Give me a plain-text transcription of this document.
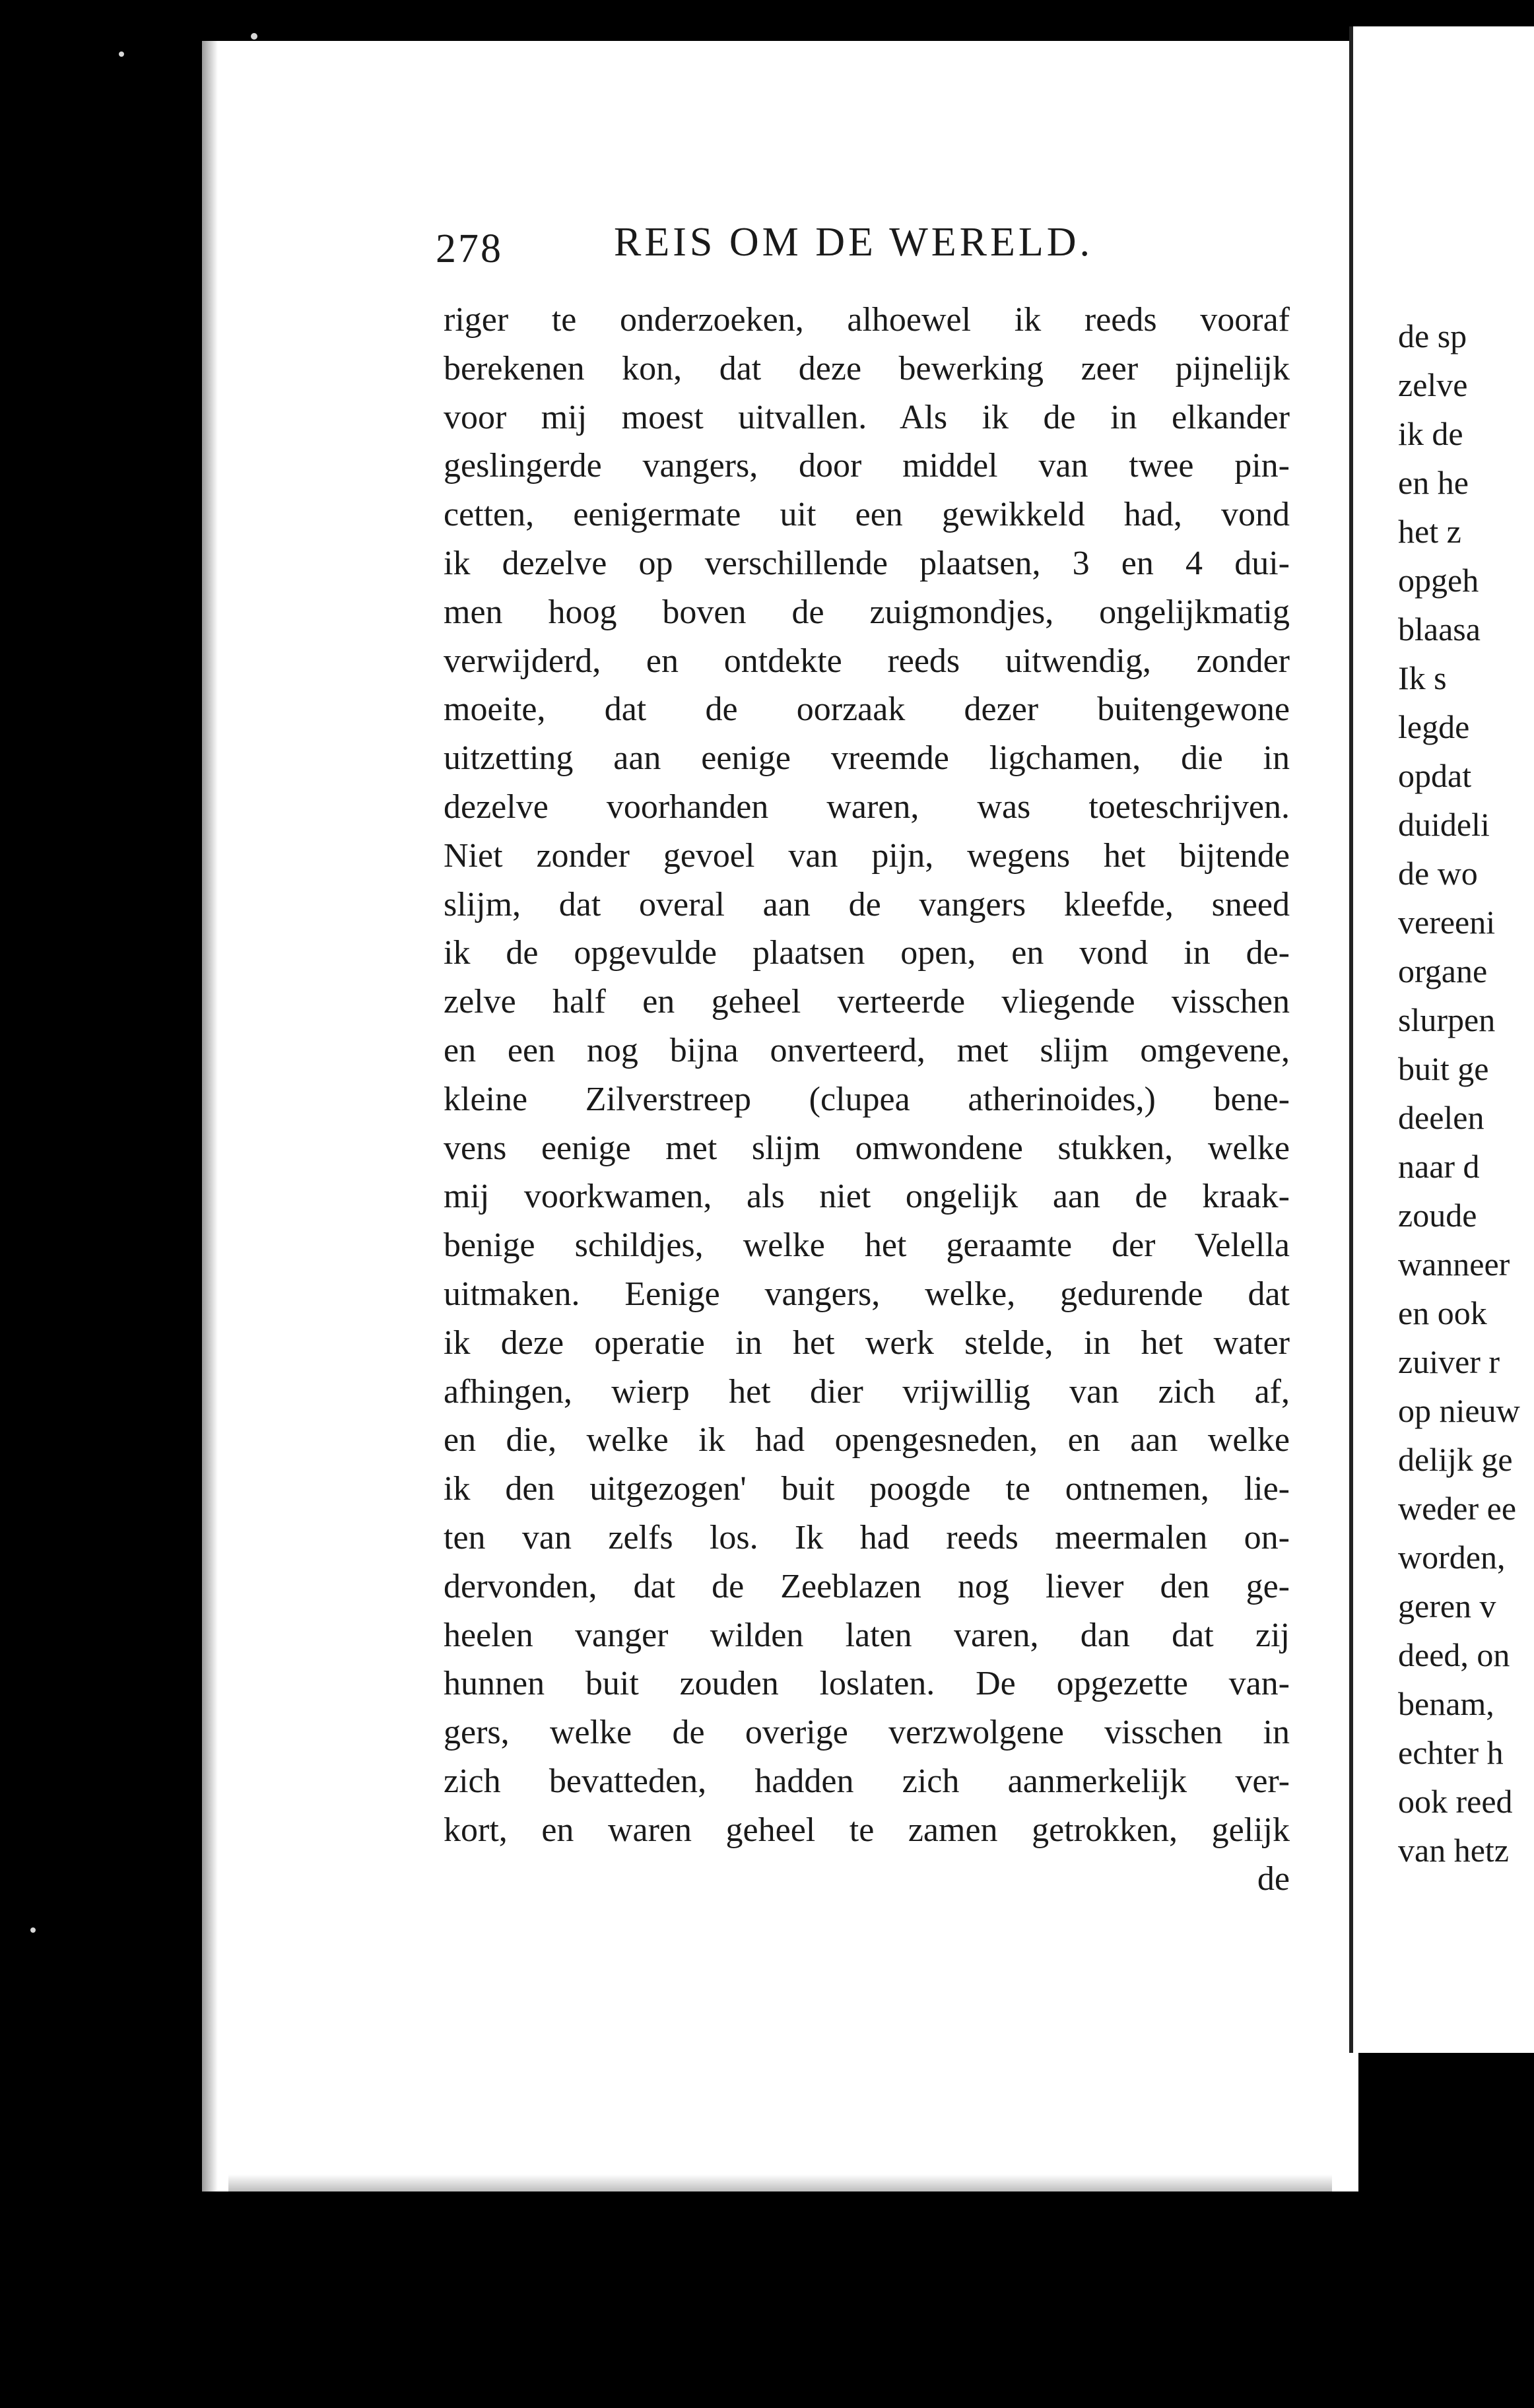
278	REIS OM DE WERELD.
riger te onderzoeken, alhoewel ik reeds vooraf
berekenen kon, dat deze bewerking zeer pijnelijk
voor mij moest uitvallen. Als ik de in elkander
geslingerde vangers, door middel van twee pin-
cetten, eenigermate uit een gewikkeld had, vond
ik dezelve op verschillende plaatsen, 3 en 4 dui-
men hoog boven de zuigmondjes, ongelijkmatig
verwijderd, en ontdekte reeds uitwendig, zonder
moeite, dat de oorzaak dezer buitengewone
uitzetting aan eenige vreemde ligchamen, die in
dezelve voorhanden waren, was toeteschrijven.
Niet zonder gevoel van pijn, wegens het bijtende
slijm, dat overal aan de vangers kleefde, sneed
ik de opgevulde plaatsen open, en vond in de-
zelve half en geheel verteerde vliegende visschen
en een nog bijna onverteerd, met slijm omgevene,
kleine Zilverstreep (clupea atherinoides,) bene-
vens eenige met slijm omwondene stukken, welke
mij voorkwamen, als niet ongelijk aan de kraak-
benige schildjes, welke het geraamte der Velella
uitmaken. Eenige vangers, welke, gedurende dat
ik deze operatie in het werk stelde, in het water
afhingen, wierp het dier vrijwillig van zich af,
en die, welke ik had opengesneden, en aan welke
ik den uitgezogen' buit poogde te ontnemen, lie-
ten van zelfs los. Ik had reeds meermalen on-
dervonden, dat de Zeeblazen nog liever den ge-
heelen vanger wilden laten varen, dan dat zij
hunnen buit zouden loslaten. De opgezette van-
gers, welke de overige verzwolgene visschen in
zich bevatteden, hadden zich aanmerkelijk ver-
kort, en waren geheel te zamen getrokken, gelijk
de
de sp
zelve
ik de
en he
het z
opgeh
blaasa
Ik s
legde
opdat
duideli
de wo
vereeni
organe
slurpen
buit ge
deelen
naar d
zoude
wanneer
en ook
zuiver r
op nieuw
delijk ge
weder ee
worden,
geren v
deed, on
benam,
echter h
ook reed
van hetz
